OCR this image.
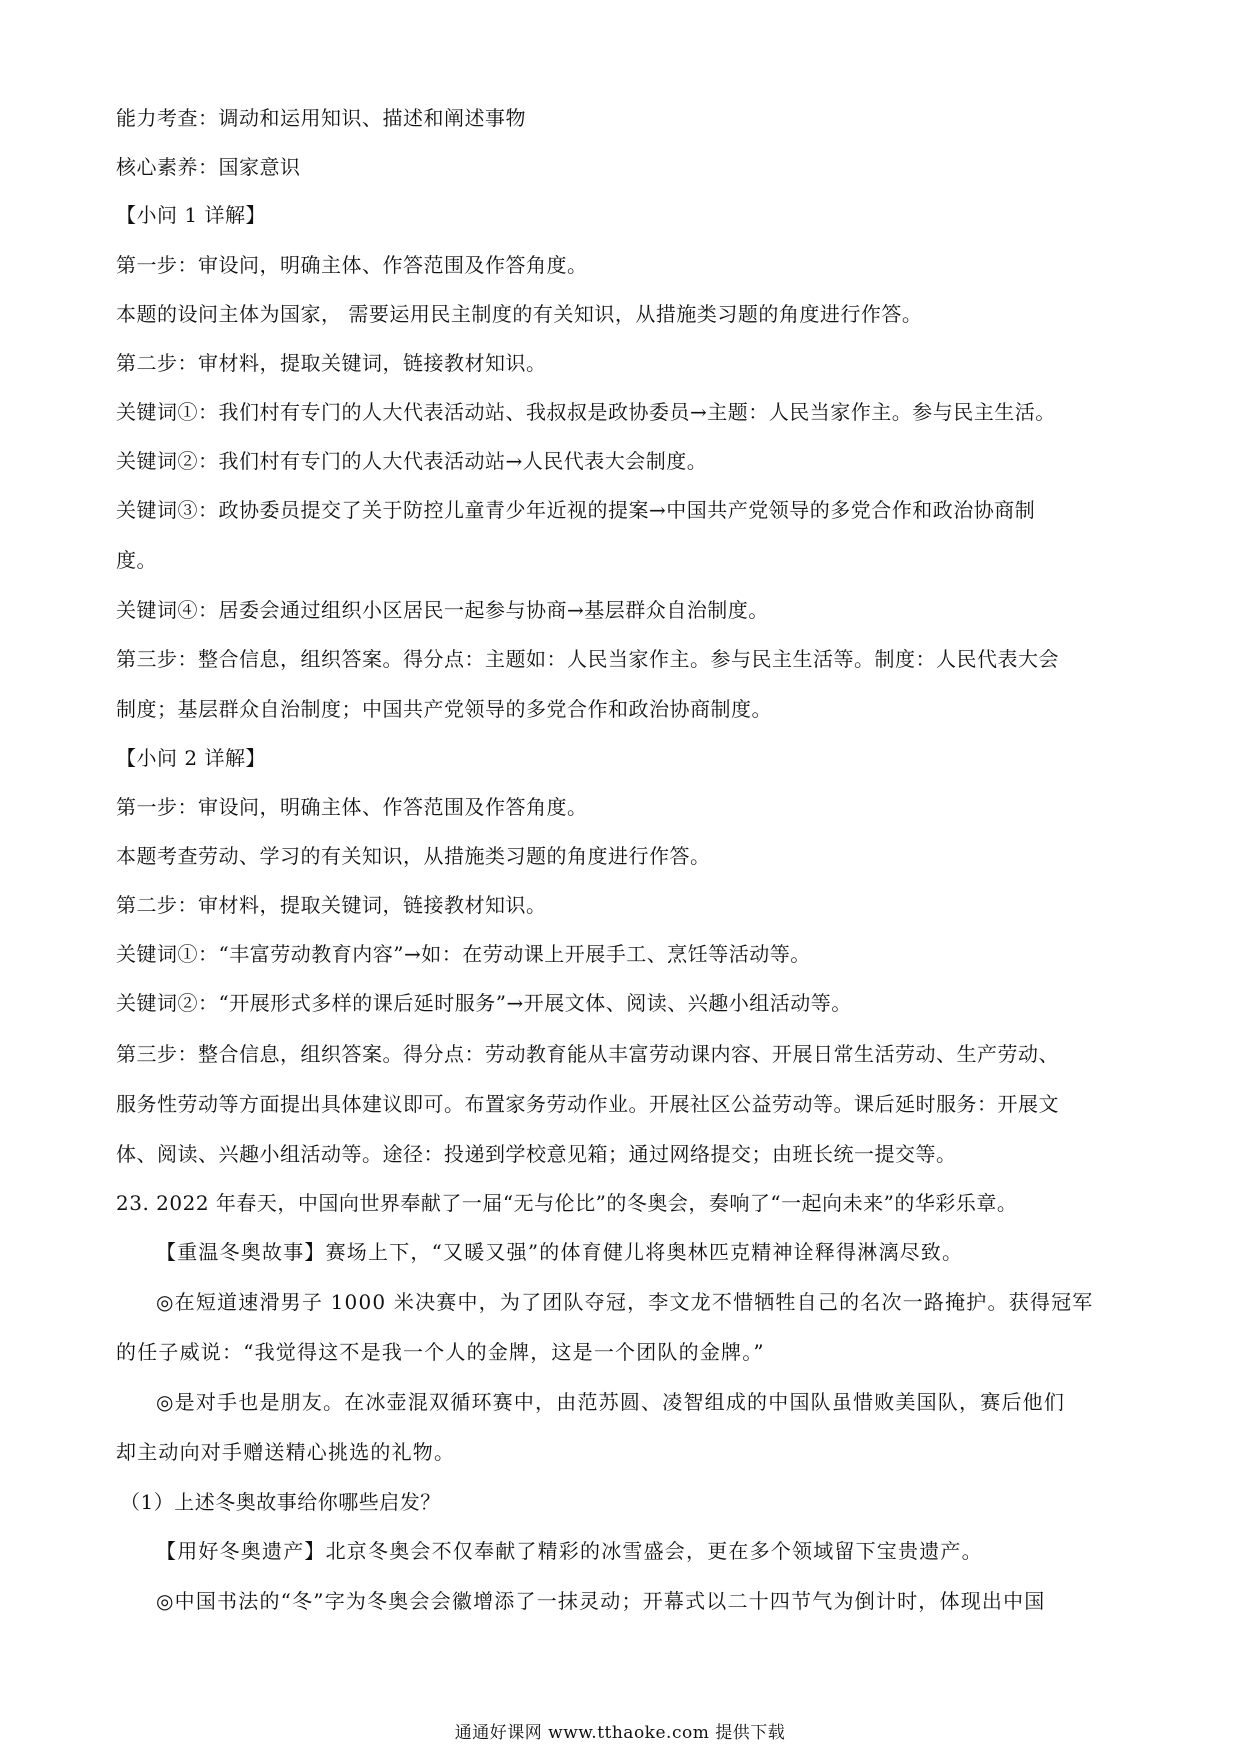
能力考查：调动和运用知识、描述和阐述事物
核心素养：国家意识
【小问 1 详解】
第一步：审设问，明确主体、作答范围及作答角度。
本题的设问主体为国家， 需要运用民主制度的有关知识，从措施类习题的角度进行作答。
第二步：审材料，提取关键词，链接教材知识。
关键词①：我们村有专门的人大代表活动站、我叔叔是政协委员→主题：人民当家作主。参与民主生活。
关键词②：我们村有专门的人大代表活动站→人民代表大会制度。
关键词③：政协委员提交了关于防控儿童青少年近视的提案→中国共产党领导的多党合作和政治协商制
度。
关键词④：居委会通过组织小区居民一起参与协商→基层群众自治制度。
第三步：整合信息，组织答案。得分点：主题如：人民当家作主。参与民主生活等。制度：人民代表大会
制度；基层群众自治制度；中国共产党领导的多党合作和政治协商制度。
【小问 2 详解】
第一步：审设问，明确主体、作答范围及作答角度。
本题考查劳动、学习的有关知识，从措施类习题的角度进行作答。
第二步：审材料，提取关键词，链接教材知识。
关键词①：“丰富劳动教育内容”→如：在劳动课上开展手工、烹饪等活动等。
关键词②：“开展形式多样的课后延时服务”→开展文体、阅读、兴趣小组活动等。
第三步：整合信息，组织答案。得分点：劳动教育能从丰富劳动课内容、开展日常生活劳动、生产劳动、
服务性劳动等方面提出具体建议即可。布置家务劳动作业。开展社区公益劳动等。课后延时服务：开展文
体、阅读、兴趣小组活动等。途径：投递到学校意见箱；通过网络提交；由班长统一提交等。
23. 2022 年春天，中国向世界奉献了一届“无与伦比”的冬奥会，奏响了“一起向未来”的华彩乐章。
【重温冬奥故事】赛场上下，“又暖又强”的体育健儿将奥林匹克精神诠释得淋漓尽致。
◎在短道速滑男子 1000 米决赛中，为了团队夺冠，李文龙不惜牺牲自己的名次一路掩护。获得冠军
的任子威说：“我觉得这不是我一个人的金牌，这是一个团队的金牌。”
◎是对手也是朋友。在冰壶混双循环赛中，由范苏圆、凌智组成的中国队虽惜败美国队，赛后他们
却主动向对手赠送精心挑选的礼物。
（1）上述冬奥故事给你哪些启发？
【用好冬奥遗产】北京冬奥会不仅奉献了精彩的冰雪盛会，更在多个领域留下宝贵遗产。
◎中国书法的“冬”字为冬奥会会徽增添了一抹灵动；开幕式以二十四节气为倒计时，体现出中国
通通好课网 www.tthaoke.com 提供下载
